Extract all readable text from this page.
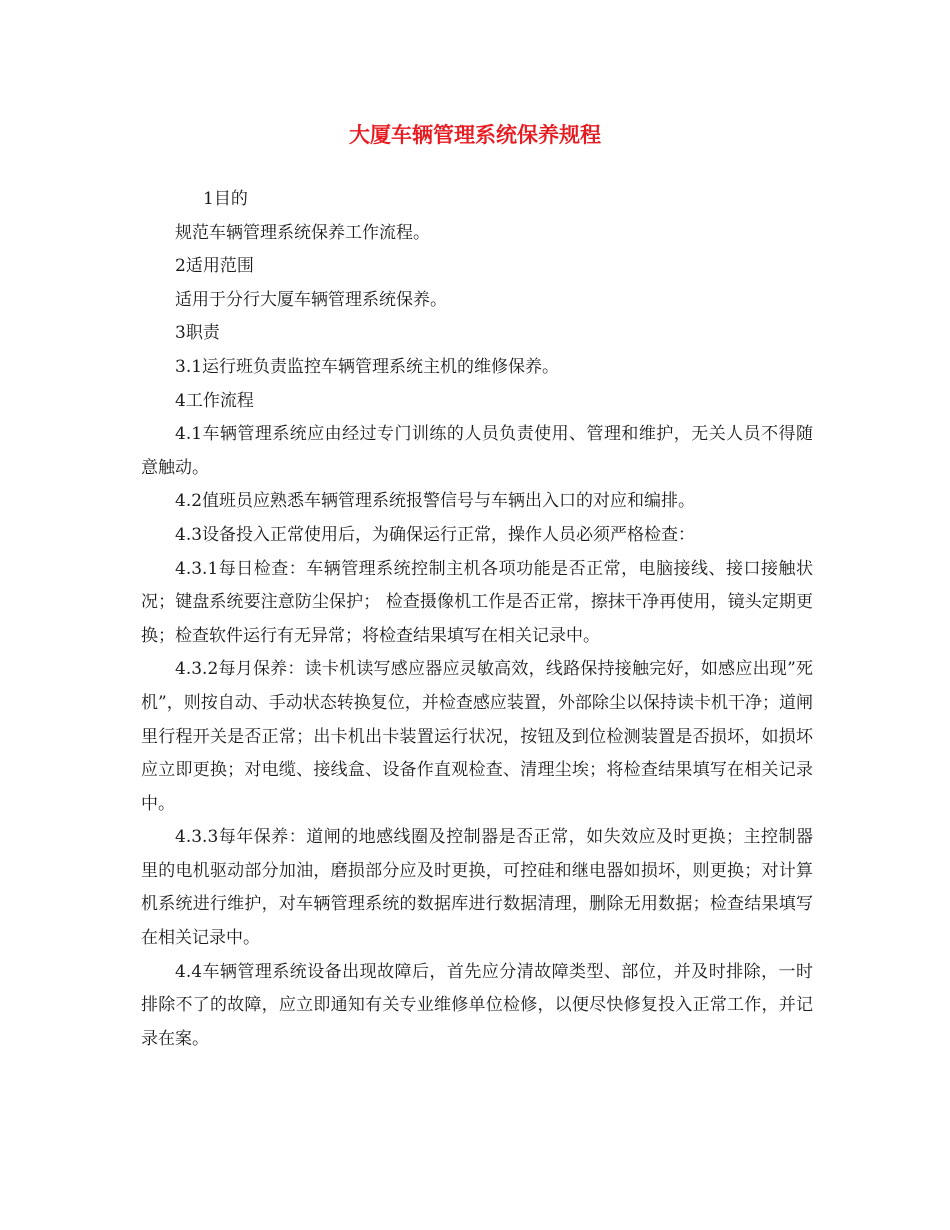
大厦车辆管理系统保养规程

1目的

规范车辆管理系统保养工作流程。

2适用范围

适用于分行大厦车辆管理系统保养。

3职责

3.1运行班负责监控车辆管理系统主机的维修保养。

4工作流程

4.1车辆管理系统应由经过专门训练的人员负责使用、管理和维护，无关人员不得随意触动。

4.2值班员应熟悉车辆管理系统报警信号与车辆出入口的对应和编排。

4.3设备投入正常使用后，为确保运行正常，操作人员必须严格检查：

4.3.1每日检查：车辆管理系统控制主机各项功能是否正常，电脑接线、接口接触状况；键盘系统要注意防尘保护； 检查摄像机工作是否正常，擦抹干净再使用，镜头定期更换；检查软件运行有无异常；将检查结果填写在相关记录中。

4.3.2每月保养：读卡机读写感应器应灵敏高效，线路保持接触完好，如感应出现”死机”，则按自动、手动状态转换复位，并检查感应装置，外部除尘以保持读卡机干净；道闸里行程开关是否正常；出卡机出卡装置运行状况，按钮及到位检测装置是否损坏，如损坏应立即更换；对电缆、接线盒、设备作直观检查、清理尘埃；将检查结果填写在相关记录中。

4.3.3每年保养：道闸的地感线圈及控制器是否正常，如失效应及时更换；主控制器里的电机驱动部分加油，磨损部分应及时更换，可控硅和继电器如损坏，则更换；对计算机系统进行维护，对车辆管理系统的数据库进行数据清理，删除无用数据；检查结果填写在相关记录中。

4.4车辆管理系统设备出现故障后，首先应分清故障类型、部位，并及时排除，一时排除不了的故障，应立即通知有关专业维修单位检修，以便尽快修复投入正常工作，并记录在案。
